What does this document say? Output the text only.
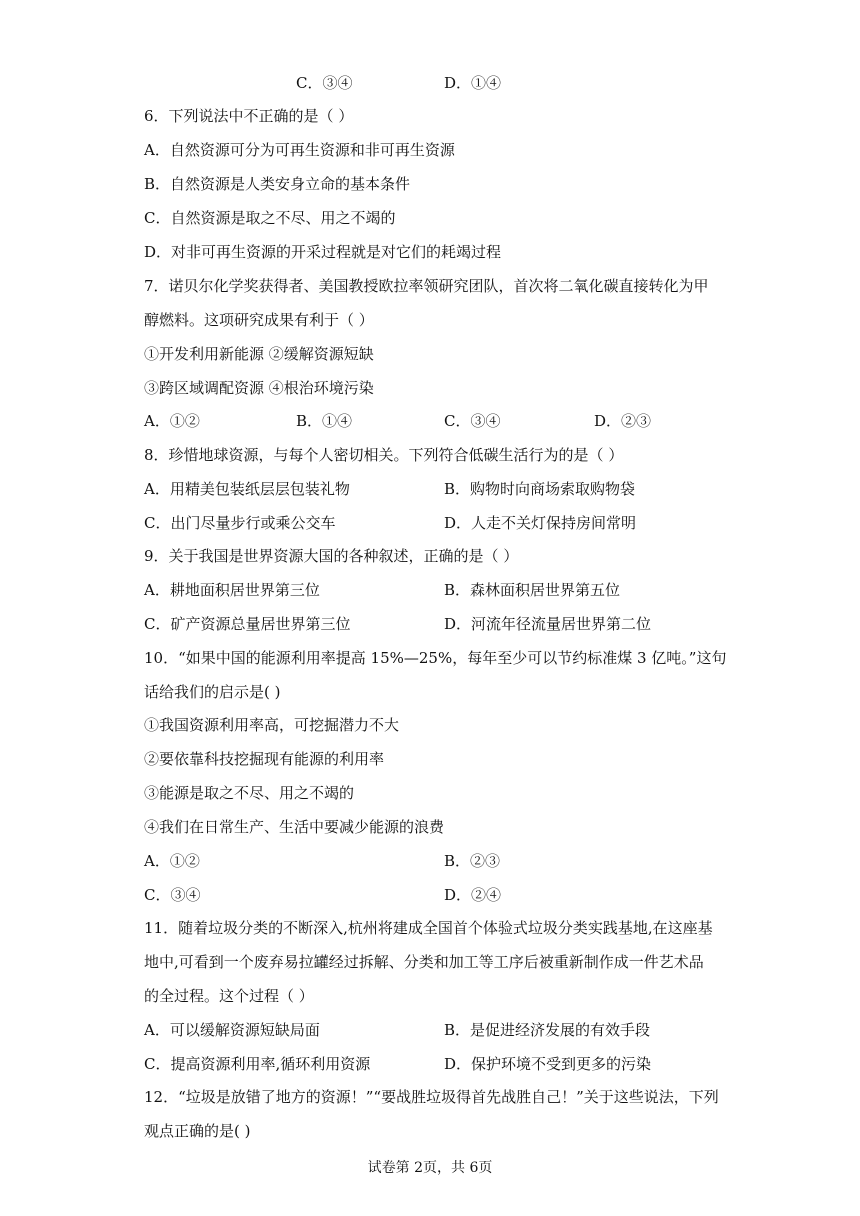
C．③④	D．①④
6．下列说法中不正确的是（ ）
A．自然资源可分为可再生资源和非可再生资源
B．自然资源是人类安身立命的基本条件
C．自然资源是取之不尽、用之不竭的
D．对非可再生资源的开采过程就是对它们的耗竭过程
7．诺贝尔化学奖获得者、美国教授欧拉率领研究团队，首次将二氧化碳直接转化为甲
醇燃料。这项研究成果有利于（ ）
①开发利用新能源 ②缓解资源短缺
③跨区域调配资源 ④根治环境污染
A．①②	B．①④	C．③④	D．②③
8．珍惜地球资源，与每个人密切相关。下列符合低碳生活行为的是（ ）
A．用精美包装纸层层包装礼物	B．购物时向商场索取购物袋
C．出门尽量步行或乘公交车	D．人走不关灯保持房间常明
9．关于我国是世界资源大国的各种叙述，正确的是（ ）
A．耕地面积居世界第三位	B．森林面积居世界第五位
C．矿产资源总量居世界第三位	D．河流年径流量居世界第二位
10．“如果中国的能源利用率提高 15%—25%，每年至少可以节约标准煤 3 亿吨。”这句
话给我们的启示是( )
①我国资源利用率高，可挖掘潜力不大
②要依靠科技挖掘现有能源的利用率
③能源是取之不尽、用之不竭的
④我们在日常生产、生活中要减少能源的浪费
A．①②	B．②③
C．③④	D．②④
11．随着垃圾分类的不断深入,杭州将建成全国首个体验式垃圾分类实践基地,在这座基
地中,可看到一个废弃易拉罐经过拆解、分类和加工等工序后被重新制作成一件艺术品
的全过程。这个过程（ ）
A．可以缓解资源短缺局面	B．是促进经济发展的有效手段
C．提高资源利用率,循环利用资源	D．保护环境不受到更多的污染
12．“垃圾是放错了地方的资源！”“要战胜垃圾得首先战胜自己！”关于这些说法，下列
观点正确的是( )
试卷第 2页，共 6页
